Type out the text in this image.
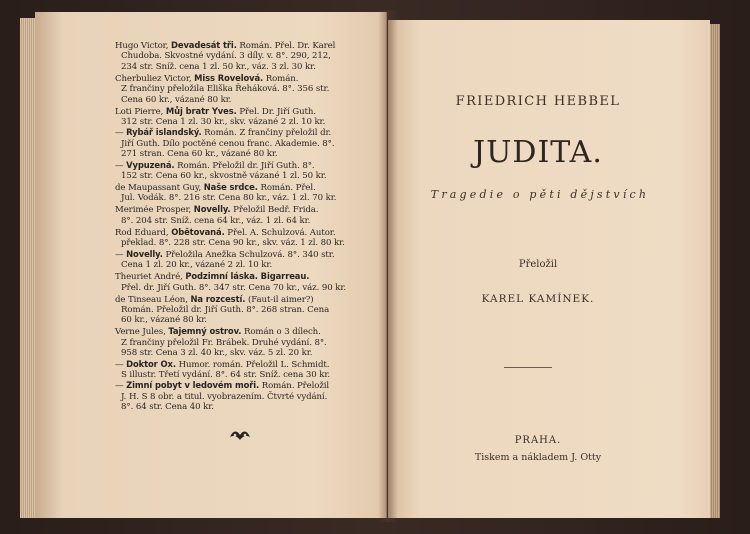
Hugo Victor, Devadesát tři. Román. Přel. Dr. Karel
Chudoba. Skvostné vydání. 3 díly. v. 8°. 290, 212,
234 str. Sníž. cena 1 zl. 50 kr., váz. 3 zl. 30 kr.
Cherbuliez Victor, Miss Rovelová. Román.
Z frančiny přeložila Eliška Řeháková. 8°. 356 str.
Cena 60 kr., vázané 80 kr.
Loti Pierre, Můj bratr Yves. Přel. Dr. Jiří Guth.
312 str. Cena 1 zl. 30 kr., skv. vázané 2 zl. 10 kr.
— Rybář islandský. Román. Z frančiny přeložil dr.
Jiří Guth. Dílo poctěné cenou franc. Akademie. 8°.
271 stran. Cena 60 kr., vázané 80 kr.
— Vypuzená. Román. Přeložil dr. Jiří Guth. 8°.
152 str. Cena 60 kr., skvostně vázané 1 zl. 50 kr.
de Maupassant Guy, Naše srdce. Román. Přel.
Jul. Vodák. 8°. 216 str. Cena 80 kr., váz. 1 zl. 70 kr.
Merimée Prosper, Novelly. Přeložil Bedř. Frida.
8°. 204 str. Sníž. cena 64 kr., váz. 1 zl. 64 kr.
Rod Eduard, Obětovaná. Přel. A. Schulzová. Autor.
překlad. 8°. 228 str. Cena 90 kr., skv. váz. 1 zl. 80 kr.
— Novelly. Přeložila Anežka Schulzová. 8°. 340 str.
Cena 1 zl. 20 kr., vázané 2 zl. 10 kr.
Theuriet André, Podzimní láska. Bigarreau.
Přel. dr. Jiří Guth. 8°. 347 str. Cena 70 kr., váz. 90 kr.
de Tinseau Léon, Na rozcestí. (Faut-il aimer?)
Román. Přeložil dr. Jiří Guth. 8°. 268 stran. Cena
60 kr., vázané 80 kr.
Verne Jules, Tajemný ostrov. Román o 3 dílech.
Z frančiny přeložil Fr. Brábek. Druhé vydání. 8°.
958 str. Cena 3 zl. 40 kr., skv. váz. 5 zl. 20 kr.
— Doktor Ox. Humor. román. Přeložil L. Schmidt.
S illustr. Třetí vydání. 8°. 64 str. Sníž. cena 30 kr.
— Zimní pobyt v ledovém moři. Román. Přeložil
J. H. S 8 obr. a titul. vyobrazením. Čtvrté vydání.
8°. 64 str. Cena 40 kr.
FRIEDRICH HEBBEL
JUDITA.
Tragedie o pěti dějstvích
Přeložil
KAREL KAMÍNEK.
PRAHA.
Tiskem a nákladem J. Otty
